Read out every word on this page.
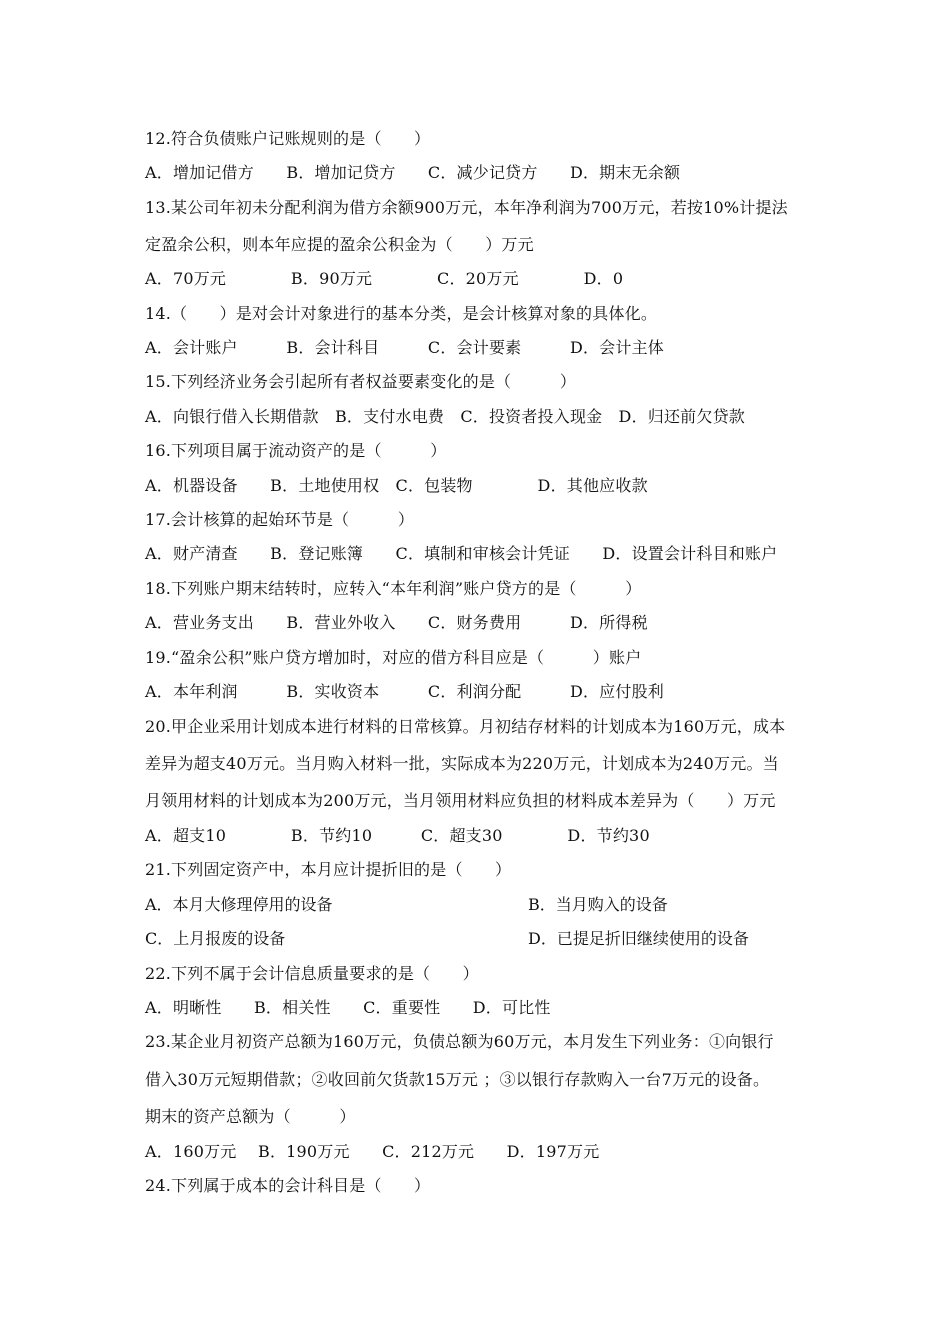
12.符合负债账户记账规则的是（　　）
A．增加记借方　　B．增加记贷方　　C．减少记贷方　　D．期末无余额
13.某公司年初未分配利润为借方余额900万元，本年净利润为700万元，若按10%计提法
定盈余公积，则本年应提的盈余公积金为（　　）万元
A．70万元　　　　B．90万元　　　　C．20万元　　　　D．0
14.（　　）是对会计对象进行的基本分类，是会计核算对象的具体化。
A．会计账户　　　B．会计科目　　　C．会计要素　　　D．会计主体
15.下列经济业务会引起所有者权益要素变化的是（　　　）
A．向银行借入长期借款　B．支付水电费　C．投资者投入现金　D．归还前欠贷款
16.下列项目属于流动资产的是（　　　）
A．机器设备　　B．土地使用权　C．包装物　　　　D．其他应收款
17.会计核算的起始环节是（　　　）
A．财产清查　　B．登记账簿　　C．填制和审核会计凭证　　D．设置会计科目和账户
18.下列账户期末结转时，应转入“本年利润”账户贷方的是（　　　）
A．营业务支出　　B．营业外收入　　C．财务费用　　　D．所得税
19.“盈余公积”账户贷方增加时，对应的借方科目应是（　　　）账户
A．本年利润　　　B．实收资本　　　C．利润分配　　　D．应付股利
20.甲企业采用计划成本进行材料的日常核算。月初结存材料的计划成本为160万元，成本
差异为超支40万元。当月购入材料一批，实际成本为220万元，计划成本为240万元。当
月领用材料的计划成本为200万元，当月领用材料应负担的材料成本差异为（　　）万元
A．超支10　　　　B．节约10　　　C．超支30　　　　D．节约30
21.下列固定资产中，本月应计提折旧的是（　　）
A．本月大修理停用的设备	B．当月购入的设备
C．上月报废的设备	D．已提足折旧继续使用的设备
22.下列不属于会计信息质量要求的是（　　）
A．明晰性　　B．相关性　　C．重要性　　D．可比性
23.某企业月初资产总额为160万元，负债总额为60万元，本月发生下列业务：①向银行
借入30万元短期借款；②收回前欠货款15万元 ；③以银行存款购入一台7万元的设备。
期末的资产总额为（　　　）
A．160万元　 B．190万元　　C．212万元　　D．197万元
24.下列属于成本的会计科目是（　　）
